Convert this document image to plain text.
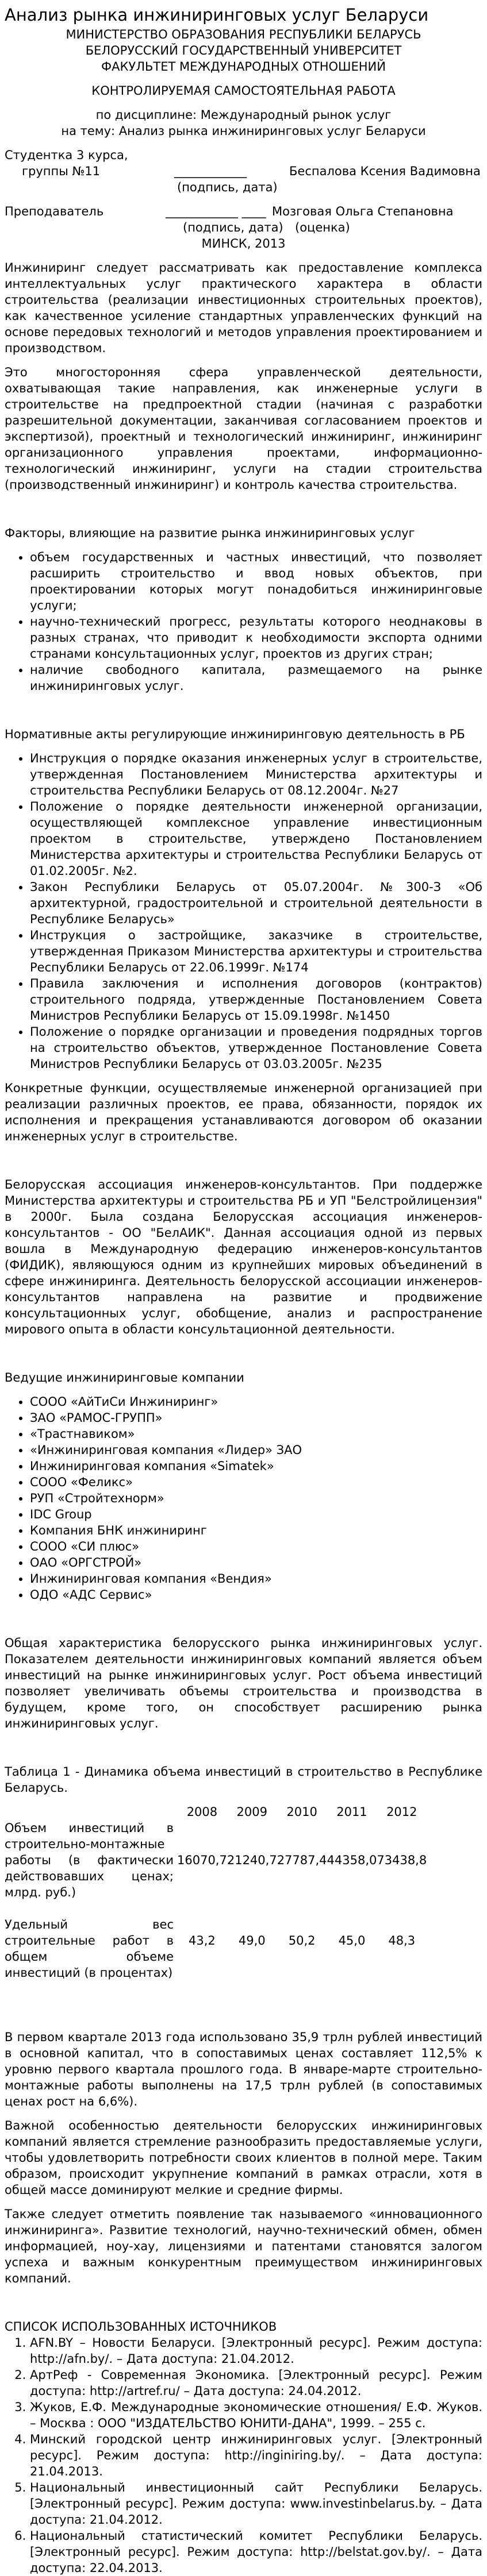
Анализ рынка инжиниринговых услуг Беларуси
МИНИСТЕРСТВО ОБРАЗОВАНИЯ РЕСПУБЛИКИ БЕЛАРУСЬ
БЕЛОРУССКИЙ ГОСУДАРСТВЕННЫЙ УНИВЕРСИТЕТ
ФАКУЛЬТЕТ МЕЖДУНАРОДНЫХ ОТНОШЕНИЙ
КОНТРОЛИРУЕМАЯ САМОСТОЯТЕЛЬНАЯ РАБОТА
по дисциплине: Международный рынок услуг
на тему: Анализ рынка инжиниринговых услуг Беларуси
Студентка 3 курса,
группы №11	____________	Беспалова Ксения Вадимовна
(подпись, дата)
Преподаватель	____________ ____ Мозговая Ольга Степановна
(подпись, дата) (оценка)
МИНСК, 2013

Инжиниринг следует рассматривать как предоставление комплекса интеллектуальных услуг практического характера в области строительства (реализации инвестиционных строительных проектов), как качественное усиление стандартных управленческих функций на основе передовых технологий и методов управления проектированием и производством.

Это многосторонняя сфера управленческой деятельности, охватывающая такие направления, как инженерные услуги в строительстве на предпроектной стадии (начиная с разработки разрешительной документации, заканчивая согласованием проектов и экспертизой), проектный и технологический инжиниринг, инжиниринг организационного управления проектами, информационно-технологический инжиниринг, услуги на стадии строительства (производственный инжиниринг) и контроль качества строительства.

Факторы, влияющие на развитие рынка инжиниринговых услуг
• объем государственных и частных инвестиций, что позволяет расширить строительство и ввод новых объектов, при проектировании которых могут понадобиться инжиниринговые услуги;
• научно-технический прогресс, результаты которого неоднаковы в разных странах, что приводит к необходимости экспорта одними странами консультационных услуг, проектов из других стран;
• наличие свободного капитала, размещаемого на рынке инжиниринговых услуг.
Нормативные акты регулирующие инжиниринговую деятельность в РБ
• Инструкция о порядке оказания инженерных услуг в строительстве, утвержденная Постановлением Министерства архитектуры и строительства Республики Беларусь от 08.12.2004г. №27
• Положение о порядке деятельности инженерной организации, осуществляющей комплексное управление инвестиционным проектом в строительстве, утверждено Постановлением Министерства архитектуры и строительства Республики Беларусь от 01.02.2005г. №2.
• Закон Республики Беларусь от 05.07.2004г. №300-З «Об архитектурной, градостроительной и строительной деятельности в Республике Беларусь»
• Инструкция о застройщике, заказчике в строительстве, утвержденная Приказом Министерства архитектуры и строительства Республики Беларусь от 22.06.1999г. №174
• Правила заключения и исполнения договоров (контрактов) строительного подряда, утвержденные Постановлением Совета Министров Республики Беларусь от 15.09.1998г. №1450
• Положение о порядке организации и проведения подрядных торгов на строительство объектов, утвержденное Постановление Совета Министров Республики Беларусь от 03.03.2005г. №235

Конкретные функции, осуществляемые инженерной организацией при реализации различных проектов, ее права, обязанности, порядок их исполнения и прекращения устанавливаются договором об оказании инженерных услуг в строительстве.

Белорусская ассоциация инженеров-консультантов. При поддержке Министерства архитектуры и строительства РБ и УП "Белстройлицензия" в 2000г. Была создана Белорусская ассоциация инженеров-консультантов - ОО "БелАИК". Данная ассоциация одной из первых вошла в Международную федерацию инженеров-консультантов (ФИДИК), являющуюся одним из крупнейших мировых объединений в сфере инжиниринга. Деятельность белорусской ассоциации инженеров-консультантов направлена на развитие и продвижение консультационных услуг, обобщение, анализ и распространение мирового опыта в области консультационной деятельности.

Ведущие инжиниринговые компании
• СООО «АйТиСи Инжиниринг»
• ЗАО «РАМОС-ГРУПП»
• «Трастнавиком»
• «Инжиниринговая компания «Лидер» ЗАО
• Инжиниринговая компания «Simatek»
• СООО «Феликс»
• РУП «Стройтехнорм»
• IDC Group
• Компания БНК инжиниринг
• СООО «СИ плюс»
• ОАО «ОРГСТРОЙ»
• Инжиниринговая компания «Вендия»
• ОДО «АДС Сервис»

Общая характеристика белорусского рынка инжиниринговых услуг. Показателем деятельности инжиниринговых компаний является объем инвестиций на рынке инжиниринговых услуг. Рост объема инвестиций позволяет увеличивать объемы строительства и производства в будущем, кроме того, он способствует расширению рынка инжиниринговых услуг.

Таблица 1 - Динамика объема инвестиций в строительство в Республике Беларусь.

	2008	2009	2010	2011	2012
Объем инвестиций в строительно-монтажные работы (в фактически действовавших ценах; млрд. руб.)	16070,7	21240,7	27787,4	44358,0	73438,8

Удельный вес строительные работ в общем объеме инвестиций (в процентах)	43,2	49,0	50,2	45,0	48,3

В первом квартале 2013 года использовано 35,9 трлн рублей инвестиций в основной капитал, что в сопоставимых ценах составляет 112,5% к уровню первого квартала прошлого года. В январе-марте строительно-монтажные работы выполнены на 17,5 трлн рублей (в сопоставимых ценах рост на 6,6%).

Важной особенностью деятельности белорусских инжиниринговых компаний является стремление разнообразить предоставляемые услуги, чтобы удовлетворить потребности своих клиентов в полной мере. Таким образом, происходит укрупнение компаний в рамках отрасли, хотя в общей массе доминируют мелкие и средние фирмы.

Также следует отметить появление так называемого «инновационного инжиниринга». Развитие технологий, научно-технический обмен, обмен информацией, ноу-хау, лицензиями и патентами становятся залогом успеха и важным конкурентным преимуществом инжиниринговых компаний.

СПИСОК ИСПОЛЬЗОВАННЫХ ИСТОЧНИКОВ
1. AFN.BY – Новости Беларуси. [Электронный ресурс]. Режим доступа: http://afn.by/. – Дата доступа: 21.04.2012.
2. АртРеф - Современная Экономика. [Электронный ресурс]. Режим доступа: http://artref.ru/ – Дата доступа: 24.04.2012.
3. Жуков, Е.Ф. Международные экономические отношения/ Е.Ф. Жуков. – Москва : ООО "ИЗДАТЕЛЬСТВО ЮНИТИ-ДАНА", 1999. – 255 с.
4. Минский городской центр инжиниринговых услуг. [Электронный ресурс]. Режим доступа: http://inginiring.by/. – Дата доступа: 21.04.2013.
5. Национальный инвестиционный сайт Республики Беларусь. [Электронный ресурс]. Режим доступа: www.investinbelarus.by. – Дата доступа: 21.04.2012.
6. Национальный статистический комитет Республики Беларусь. [Электронный ресурс]. Режим доступа: http://belstat.gov.by/. – Дата доступа: 22.04.2013.
